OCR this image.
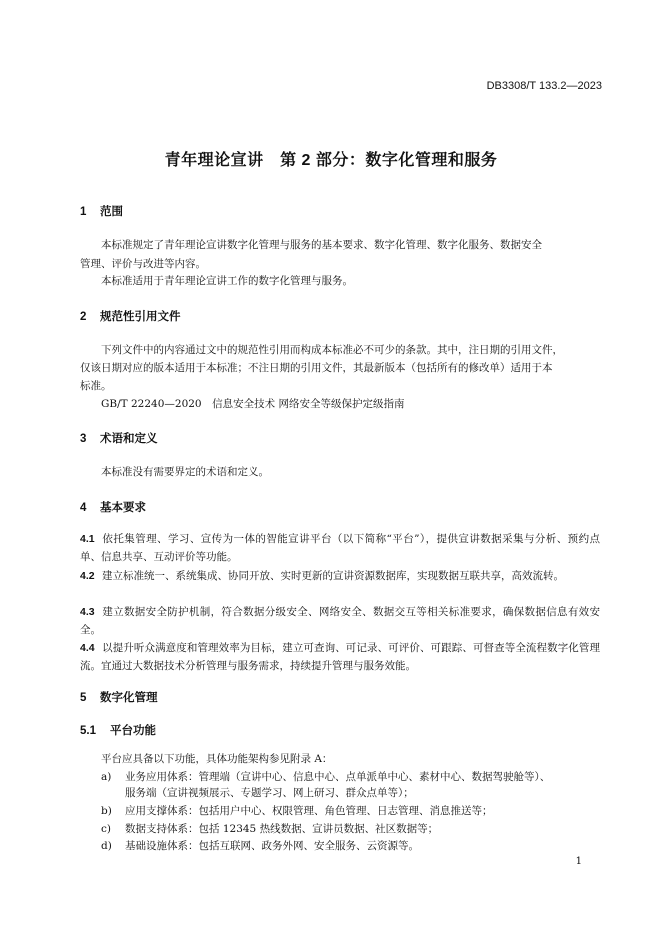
DB3308/T 133.2—2023
青年理论宣讲　第 2 部分：数字化管理和服务
1 范围
本标准规定了青年理论宣讲数字化管理与服务的基本要求、数字化管理、数字化服务、数据安全
管理、评价与改进等内容。
本标准适用于青年理论宣讲工作的数字化管理与服务。
2 规范性引用文件
下列文件中的内容通过文中的规范性引用而构成本标准必不可少的条款。其中，注日期的引用文件，
仅该日期对应的版本适用于本标准；不注日期的引用文件，其最新版本（包括所有的修改单）适用于本
标准。
GB/T 22240—2020　信息安全技术 网络安全等级保护定级指南
3 术语和定义
本标准没有需要界定的术语和定义。
4 基本要求
4.1 依托集管理、学习、宣传为一体的智能宣讲平台（以下简称“平台”），提供宣讲数据采集与分析、预约点单、信息共享、互动评价等功能。
4.2 建立标准统一、系统集成、协同开放、实时更新的宣讲资源数据库，实现数据互联共享，高效流转。
4.3 建立数据安全防护机制，符合数据分级安全、网络安全、数据交互等相关标准要求，确保数据信息有效安全。
4.4 以提升听众满意度和管理效率为目标，建立可查询、可记录、可评价、可跟踪、可督查等全流程数字化管理流。宜通过大数据技术分析管理与服务需求，持续提升管理与服务效能。
5 数字化管理
5.1 平台功能
平台应具备以下功能，具体功能架构参见附录 A：
a) 业务应用体系：管理端（宣讲中心、信息中心、点单派单中心、素材中心、数据驾驶舱等）、
服务端（宣讲视频展示、专题学习、网上研习、群众点单等）；
b) 应用支撑体系：包括用户中心、权限管理、角色管理、日志管理、消息推送等；
c) 数据支持体系：包括 12345 热线数据、宣讲员数据、社区数据等；
d) 基础设施体系：包括互联网、政务外网、安全服务、云资源等。
1
